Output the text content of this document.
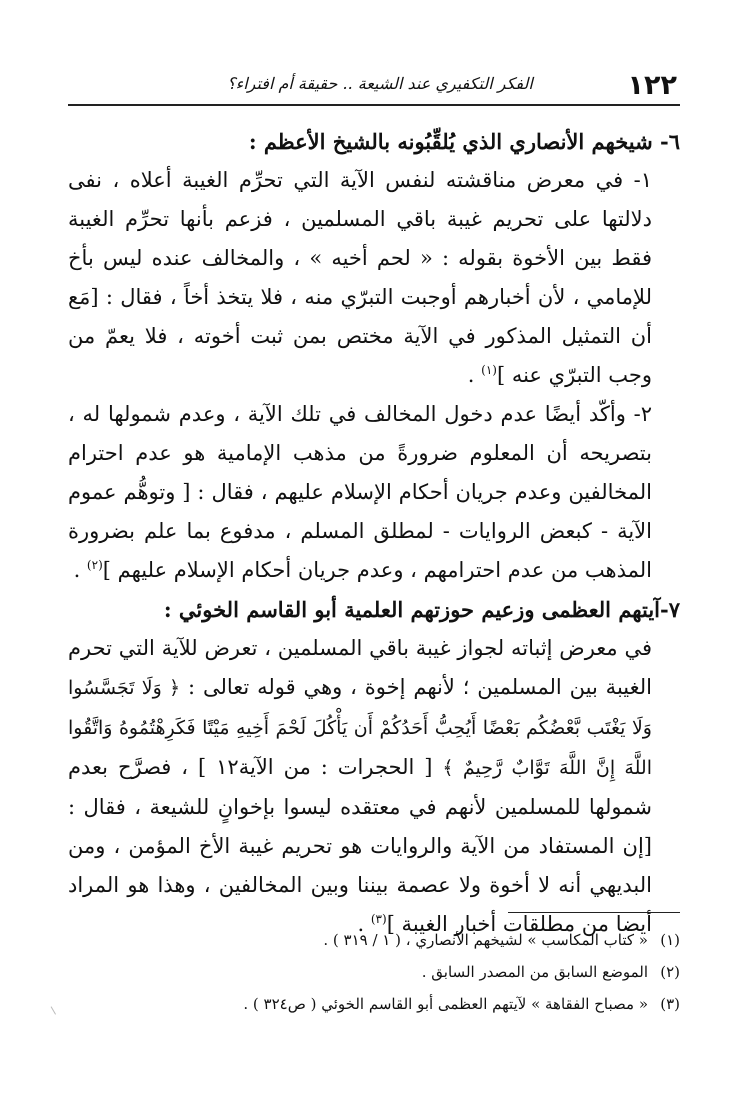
١٢٢
الفكر التكفيري عند الشيعة .. حقيقة أم افتراء؟

٦- شيخهم الأنصاري الذي يُلقِّبُونه بالشيخ الأعظم :

١- في معرض مناقشته لنفس الآية التي تحرِّم الغيبة أعلاه ، نفى دلالتها على تحريم غيبة باقي المسلمين ، فزعم بأنها تحرِّم الغيبة فقط بين الأخوة بقوله : « لحم أخيه » ، والمخالف عنده ليس بأخ للإمامي ، لأن أخبارهم أوجبت التبرّي منه ، فلا يتخذ أخاً ، فقال : [مَع أن التمثيل المذكور في الآية مختص بمن ثبت أخوته ، فلا يعمّ من وجب التبرّي عنه ]$^{(١)}$ .

٢- وأكّد أيضًا عدم دخول المخالف في تلك الآية ، وعدم شمولها له ، بتصريحه أن المعلوم ضرورةً من مذهب الإمامية هو عدم احترام المخالفين وعدم جريان أحكام الإسلام عليهم ، فقال : [ وتوهُّم عموم الآية - كبعض الروايات - لمطلق المسلم ، مدفوع بما علم بضرورة المذهب من عدم احترامهم ، وعدم جريان أحكام الإسلام عليهم ]$^{(٢)}$ .

٧-آيتهم العظمى وزعيم حوزتهم العلمية أبو القاسم الخوئي :

في معرض إثباته لجواز غيبة باقي المسلمين ، تعرض للآية التي تحرم الغيبة بين المسلمين ؛ لأنهم إخوة ، وهي قوله تعالى : ﴿ وَلَا تَجَسَّسُوا وَلَا يَغْتَب بَّعْضُكُم بَعْضًا أَيُحِبُّ أَحَدُكُمْ أَن يَأْكُلَ لَحْمَ أَخِيهِ مَيْتًا فَكَرِهْتُمُوهُ وَاتَّقُوا اللَّهَ إِنَّ اللَّهَ تَوَّابٌ رَّحِيمٌ ﴾ [ الحجرات : من الآية١٢ ] ، فصرَّح بعدم شمولها للمسلمين لأنهم في معتقده ليسوا بإخوانٍ للشيعة ، فقال : [إن المستفاد من الآية والروايات هو تحريم غيبة الأخ المؤمن ، ومن البديهي أنه لا أخوة ولا عصمة بيننا وبين المخالفين ، وهذا هو المراد أيضا من مطلقات أخبار الغيبة ]$^{(٣)}$ .

(١)« كتاب المكاسب » لشيخهم الأنصاري ، ( ١ / ٣١٩ ) .

(٢)الموضع السابق من المصدر السابق .

(٣)« مصباح الفقاهة » لآيتهم العظمى أبو القاسم الخوئي ( ص٣٢٤ ) .
